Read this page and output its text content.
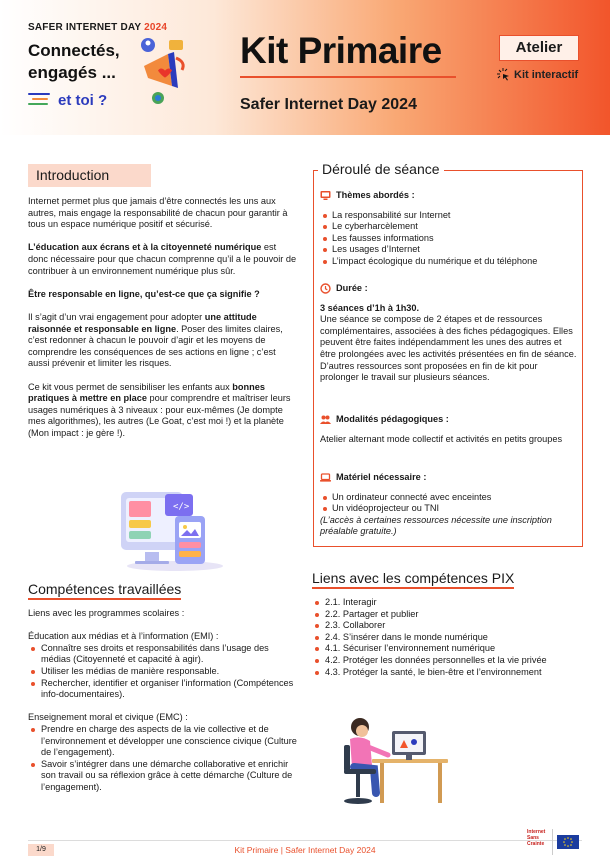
SAFER INTERNET DAY 2024
Connectés,
engagés ...
et toi ?
Kit Primaire
Safer Internet Day 2024
Atelier
Kit interactif
Introduction

Internet permet plus que jamais d’être connectés les uns aux autres, mais engage la responsabilité de chacun pour garantir à tous un espace numérique positif et sécurisé.

L’éducation aux écrans et à la citoyenneté numérique est donc nécessaire pour que chacun comprenne qu’il a le pouvoir de contribuer à un environnement numérique plus sûr.

Être responsable en ligne, qu’est-ce que ça signifie ?

Il s’agit d’un vrai engagement pour adopter une attitude raisonnée et responsable en ligne. Poser des limites claires, c’est redonner à chacun le pouvoir d’agir et les moyens de comprendre les conséquences de ses actions en ligne ; c’est aussi prévenir et limiter les risques.

Ce kit vous permet de sensibiliser les enfants aux bonnes pratiques à mettre en place pour comprendre et maîtriser leurs usages numériques à 3 niveaux : pour eux-mêmes (Je dompte mes algorithmes), les autres (Le Goat, c’est moi !) et la planète (Mon impact : je gère !).

</>
Compétences travaillées
Liens avec les programmes scolaires :
Éducation aux médias et à l’information (EMI) :
Connaître ses droits et responsabilités dans l’usage des médias (Citoyenneté et capacité à agir).
Utiliser les médias de manière responsable.
Rechercher, identifier et organiser l’information (Compétences info-documentaires).
Enseignement moral et civique (EMC) :
Prendre en charge des aspects de la vie collective et de l’environnement et développer une conscience civique (Culture de l’engagement).
Savoir s’intégrer dans une démarche collaborative et enrichir son travail ou sa réflexion grâce à cette démarche (Culture de l’engagement).
Déroulé de séance
Thèmes abordés :
La responsabilité sur Internet
Le cyberharcèlement
Les fausses informations
Les usages d’Internet
L’impact écologique du numérique et du téléphone
Durée :
3 séances d’1h à 1h30.
Une séance se compose de 2 étapes et de ressources complémentaires, associées à des fiches pédagogiques. Elles peuvent être faites indépendamment les unes des autres et être prolongées avec les activités présentées en fin de séance.
D’autres ressources sont proposées en fin de kit pour prolonger le travail sur plusieurs séances.
Modalités pédagogiques :
Atelier alternant mode collectif et activités en petits groupes
Matériel nécessaire :
Un ordinateur connecté avec enceintes
Un vidéoprojecteur ou TNI
(L’accès à certaines ressources nécessite une inscription préalable gratuite.)
Liens avec les compétences PIX
2.1. Interagir
2.2. Partager et publier
2.3. Collaborer
2.4. S’insérer dans le monde numérique
4.1. Sécuriser l’environnement numérique
4.2. Protéger les données personnelles et la vie privée
4.3. Protéger la santé, le bien-être et l’environnement
1/9	Kit Primaire | Safer Internet Day 2024
Internet
Sans
Crainte
